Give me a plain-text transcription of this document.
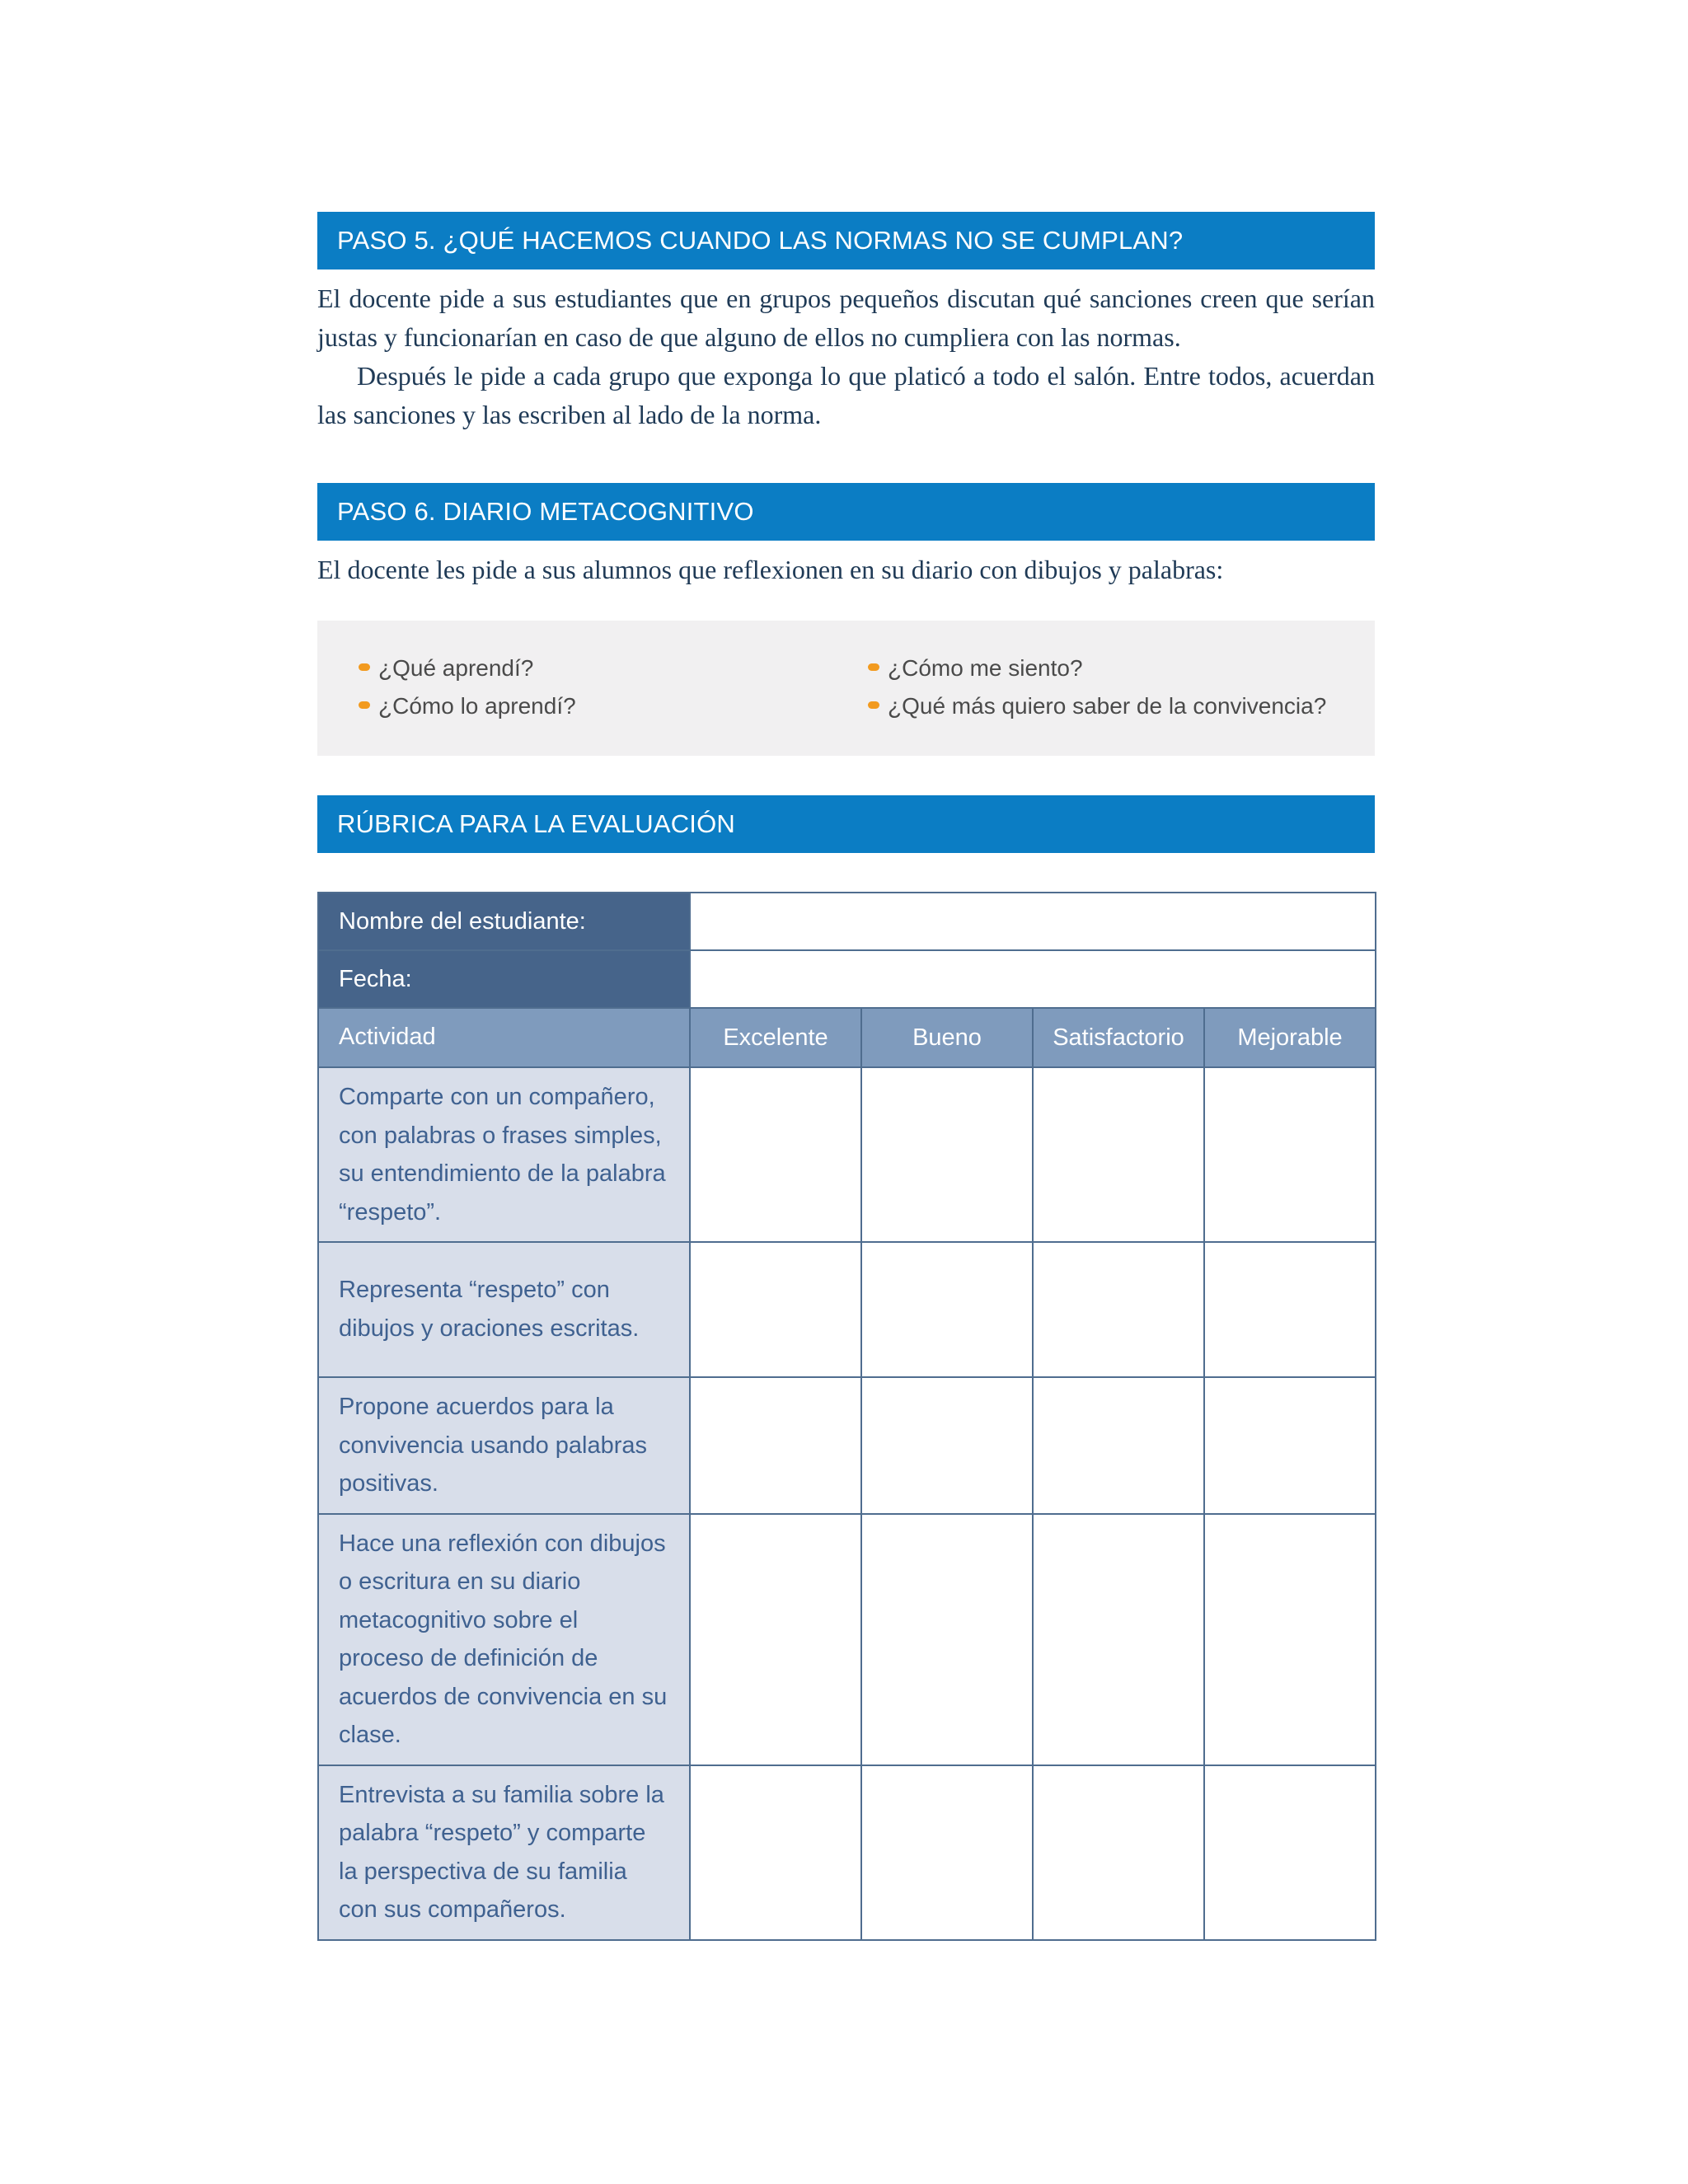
PASO 5. ¿QUÉ HACEMOS CUANDO LAS NORMAS NO SE CUMPLAN?

El docente pide a sus estudiantes que en grupos pequeños discutan qué sanciones creen que serían justas y funcionarían en caso de que alguno de ellos no cumpliera con las normas.

Después le pide a cada grupo que exponga lo que platicó a todo el salón. Entre todos, acuerdan las sanciones y las escriben al lado de la norma.

PASO 6. DIARIO METACOGNITIVO

El docente les pide a sus alumnos que reflexionen en su diario con dibujos y palabras:

¿Qué aprendí?
¿Cómo lo aprendí?
¿Cómo me siento?
¿Qué más quiero saber de la convivencia?
RÚBRICA PARA LA EVALUACIÓN
Nombre del estudiante:				
Fecha:				
Actividad	Excelente	Bueno	Satisfactorio	Mejorable
Comparte con un compañero, con palabras o frases simples, su entendimiento de la palabra “respeto”.				
Representa “respeto” con dibujos y oraciones escritas.				
Propone acuerdos para la convivencia usando palabras positivas.				
Hace una reflexión con dibujos o escritura en su diario metacognitivo sobre el proceso de definición de acuerdos de convivencia en su clase.				
Entrevista a su familia sobre la palabra “respeto” y comparte la perspectiva de su familia con sus compañeros.				
